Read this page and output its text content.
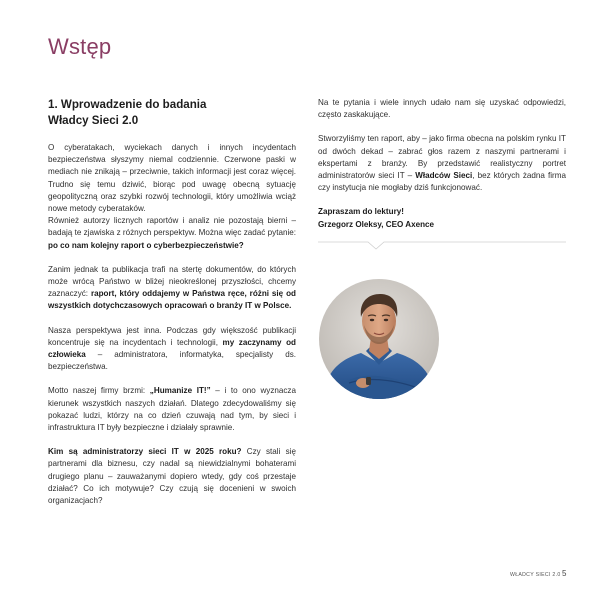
Wstęp
1. Wprowadzenie do badania
Władcy Sieci 2.0

O cyberatakach, wyciekach danych i innych incydentach bezpieczeństwa słyszymy niemal codziennie. Czerwone paski w mediach nie znikają – przeciwnie, takich informacji jest coraz więcej. Trudno się temu dziwić, biorąc pod uwagę obecną sytuację geopolityczną oraz szybki rozwój technologii, który umożliwia wciąż nowe metody cyberataków.

Również autorzy licznych raportów i analiz nie pozostają bierni – badają te zjawiska z różnych perspektyw. Można więc zadać pytanie: po co nam kolejny raport o cyberbezpieczeństwie?

Zanim jednak ta publikacja trafi na stertę dokumentów, do których może wrócą Państwo w bliżej nieokreślonej przyszłości, chcemy zaznaczyć: raport, który oddajemy w Państwa ręce, różni się od wszystkich dotychczasowych opracowań o branży IT w Polsce.

Nasza perspektywa jest inna. Podczas gdy większość publikacji koncentruje się na incydentach i technologii, my zaczynamy od człowieka – administratora, informatyka, specjalisty ds. bezpieczeństwa.

Motto naszej firmy brzmi: „Humanize IT!” – i to ono wyznacza kierunek wszystkich naszych działań. Dlatego zdecydowaliśmy się pokazać ludzi, którzy na co dzień czuwają nad tym, by sieci i infrastruktura IT były bezpieczne i działały sprawnie.

Kim są administratorzy sieci IT w 2025 roku? Czy stali się partnerami dla biznesu, czy nadal są niewidzialnymi bohaterami drugiego planu – zauważanymi dopiero wtedy, gdy coś przestaje działać? Co ich motywuje? Czy czują się docenieni w swoich organizacjach?

Na te pytania i wiele innych udało nam się uzyskać odpowiedzi, często zaskakujące.

Stworzyliśmy ten raport, aby – jako firma obecna na polskim rynku IT od dwóch dekad – zabrać głos razem z naszymi partnerami i ekspertami z branży. By przedstawić realistyczny portret administratorów sieci IT – Władców Sieci, bez których żadna firma czy instytucja nie mogłaby dziś funkcjonować.

Zapraszam do lektury!
Grzegorz Oleksy, CEO Axence
WŁADCY SIECI 2.0 5
